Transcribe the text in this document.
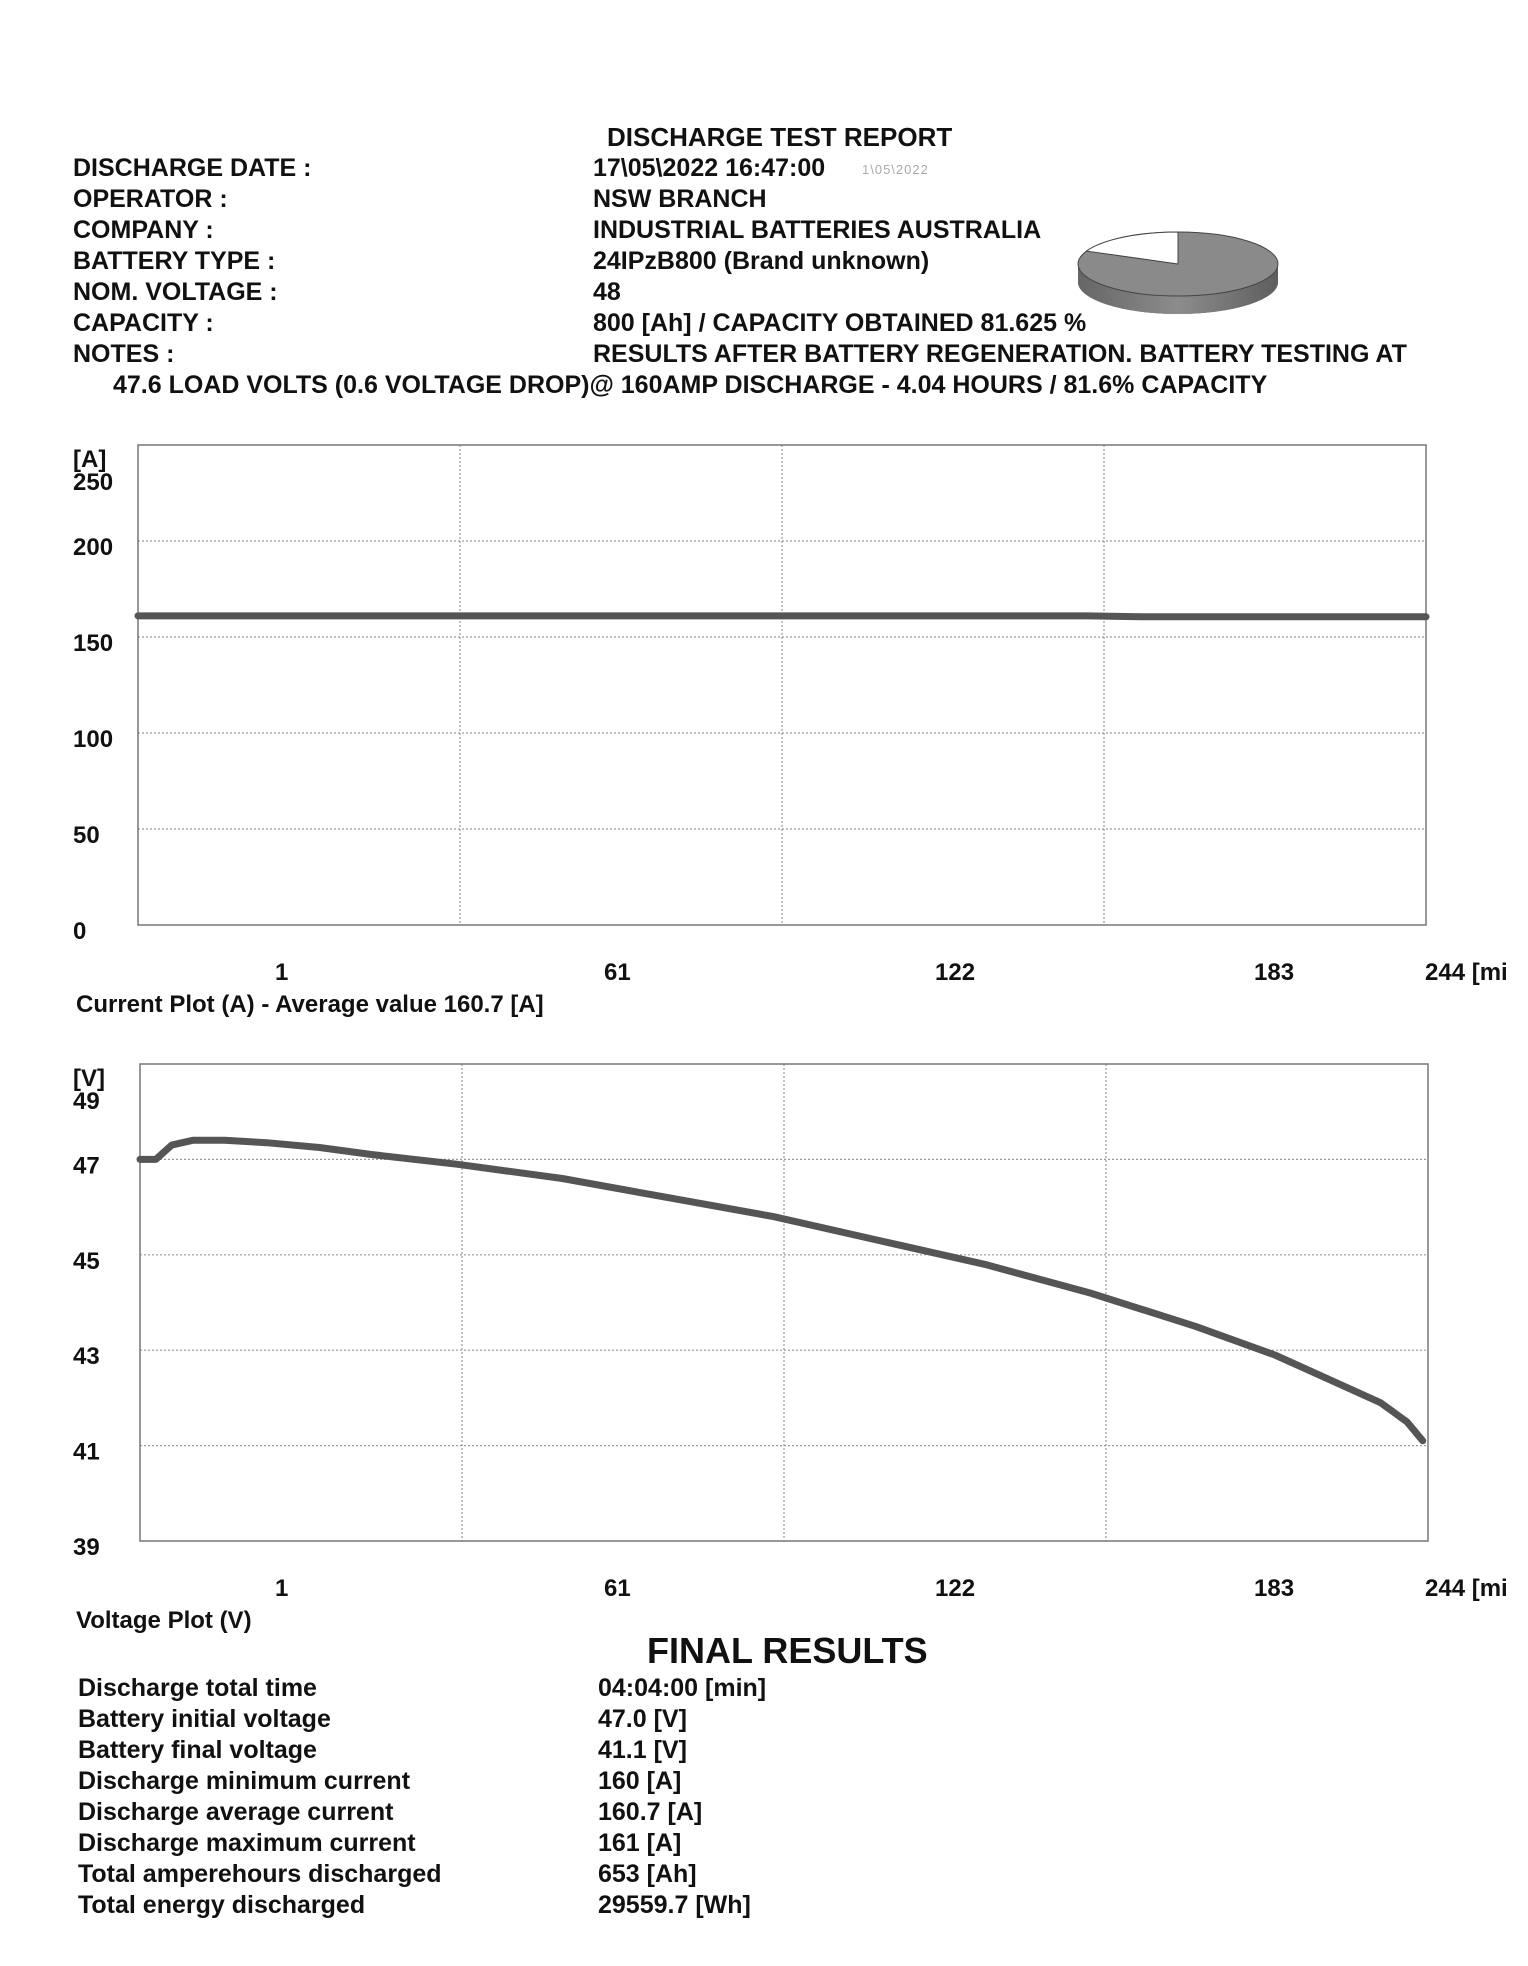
DISCHARGE TEST REPORT
DISCHARGE DATE :	17\05\2022 16:47:00	1\05\2022
OPERATOR :	NSW BRANCH
COMPANY :	INDUSTRIAL BATTERIES AUSTRALIA
BATTERY TYPE :	24IPzB800 (Brand unknown)
NOM. VOLTAGE :	48
CAPACITY :	800 [Ah] / CAPACITY OBTAINED 81.625 %
NOTES :	RESULTS AFTER BATTERY REGENERATION. BATTERY TESTING AT
47.6 LOAD VOLTS (0.6 VOLTAGE DROP)@ 160AMP DISCHARGE - 4.04 HOURS / 81.6% CAPACITY
250
200
150
100
50
0
[A]
1	61	122	183	244 [mi
Current Plot (A) - Average value 160.7 [A]
49
47
45
43
41
39
[V]
1	61	122	183	244 [mi
Voltage Plot (V)
FINAL RESULTS
Discharge total time	04:04:00 [min]
Battery initial voltage	47.0 [V]
Battery final voltage	41.1 [V]
Discharge minimum current	160 [A]
Discharge average current	160.7 [A]
Discharge maximum current	161 [A]
Total amperehours discharged	653 [Ah]
Total energy discharged	29559.7 [Wh]
